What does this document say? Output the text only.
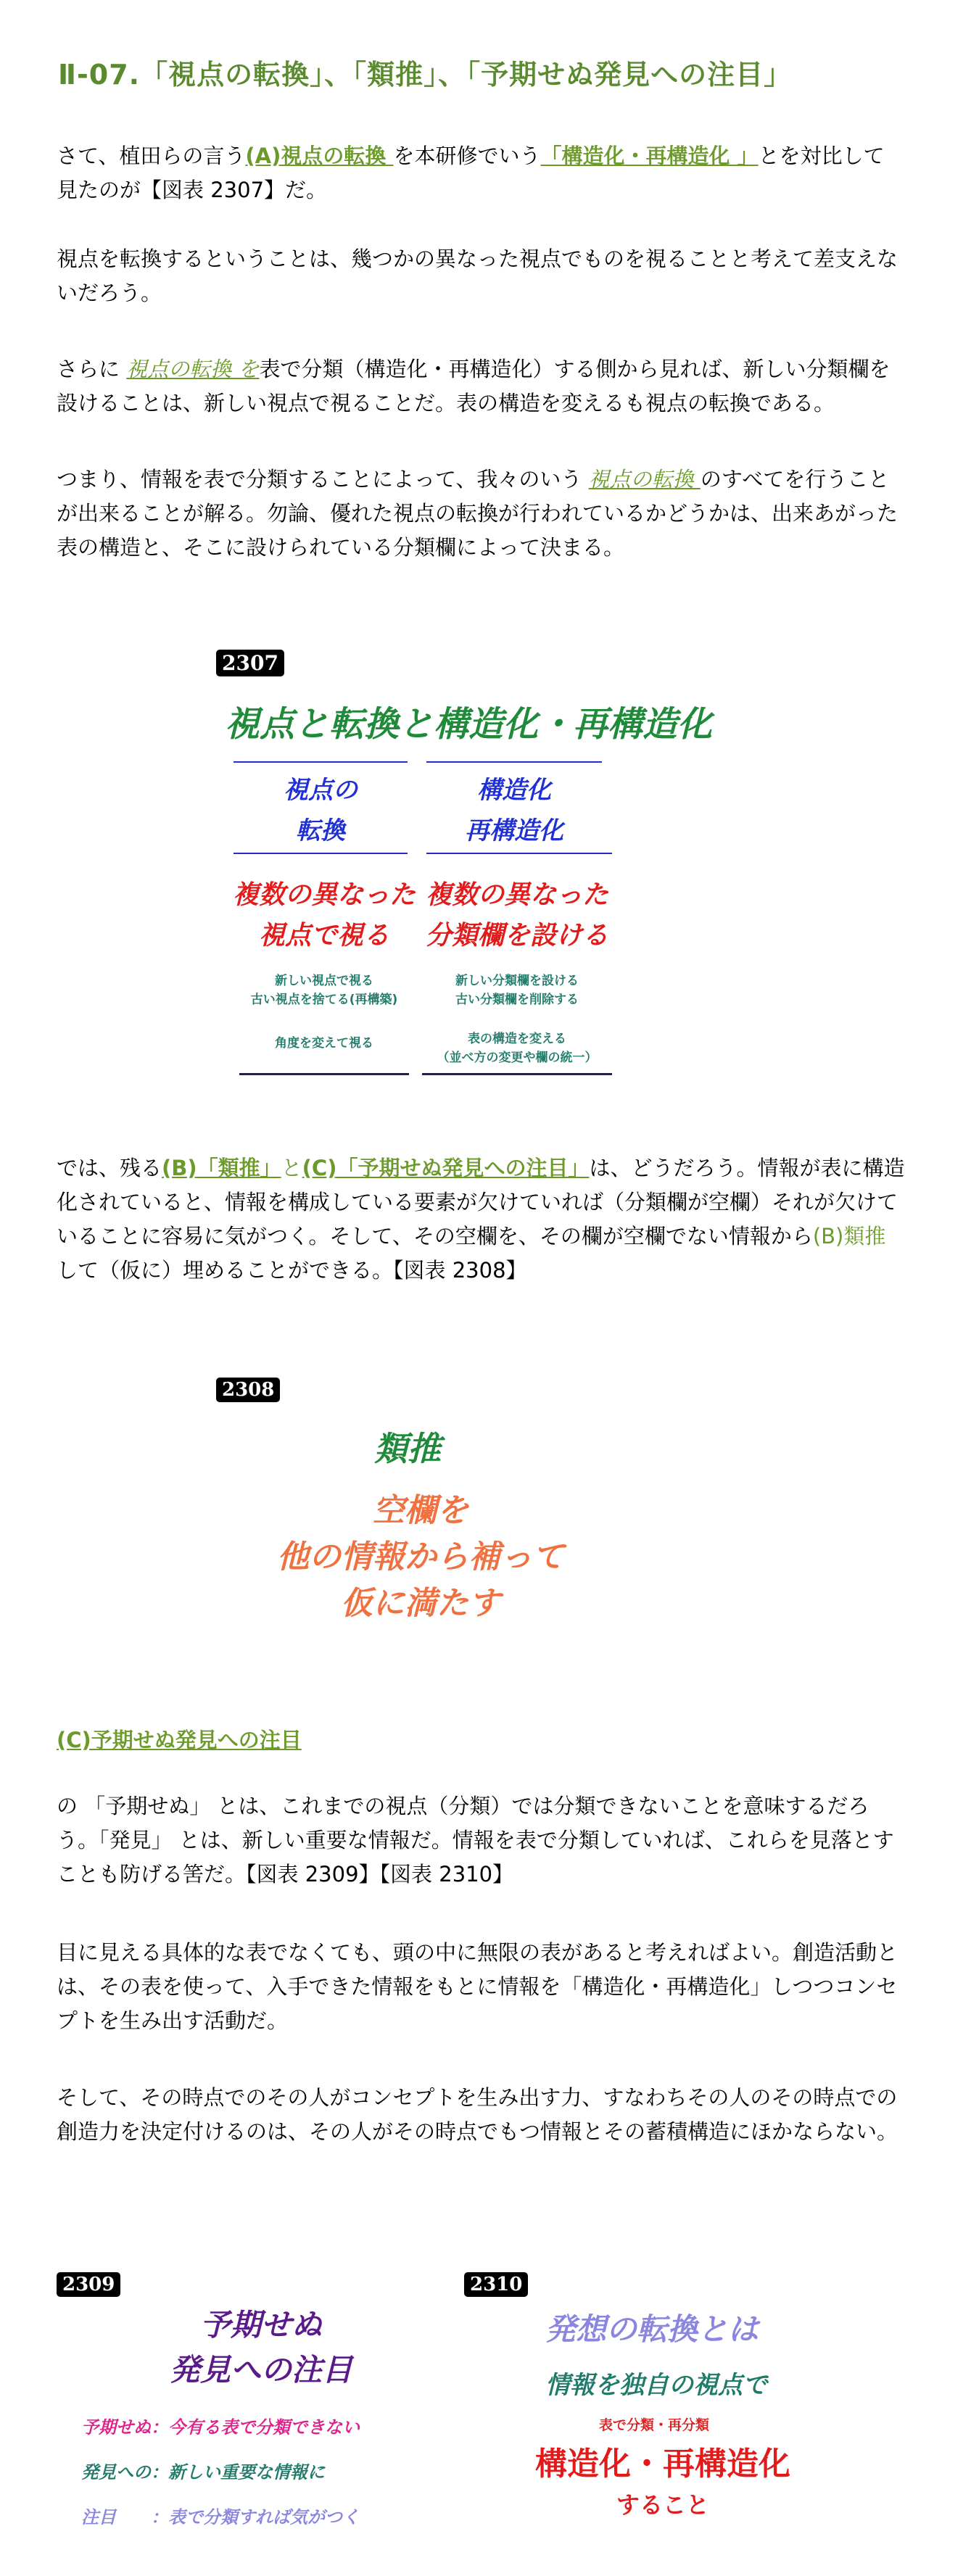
Ⅱ-07.「視点の転換」、「類推」、「予期せぬ発見への注目」
さて、植田らの言う(A)視点の転換 を本研修でいう「構造化・再構造化 」とを対比して見たのが【図表 2307】だ。
視点を転換するということは、幾つかの異なった視点でものを視ることと考えて差支えないだろう。
さらに 視点の転換 を表で分類（構造化・再構造化）する側から見れば、新しい分類欄を設けることは、新しい視点で視ることだ。表の構造を変えるも視点の転換である。
つまり、情報を表で分類することによって、我々のいう 視点の転換 のすべてを行うことが出来ることが解る。勿論、優れた視点の転換が行われているかどうかは、出来あがった表の構造と、そこに設けられている分類欄によって決まる。
2307
視点と転換と構造化・再構造化
視点の
転換
構造化
再構造化
複数の異なった
視点で視る
複数の異なった
分類欄を設ける
新しい視点で視る
古い視点を捨てる(再構築)
角度を変えて視る
新しい分類欄を設ける
古い分類欄を削除する
表の構造を変える
（並べ方の変更や欄の統一）
では、残る(B)「類推」と(C)「予期せぬ発見への注目」は、どうだろう。情報が表に構造化されていると、情報を構成している要素が欠けていれば（分類欄が空欄）それが欠けていることに容易に気がつく。そして、その空欄を、その欄が空欄でない情報から(B)類推 して（仮に）埋めることができる。【図表 2308】
2308
類推
空欄を
他の情報から補って
仮に満たす
(C)予期せぬ発見への注目
の 「予期せぬ」 とは、これまでの視点（分類）では分類できないことを意味するだろう。「発見」 とは、新しい重要な情報だ。情報を表で分類していれば、これらを見落とすことも防げる筈だ。【図表 2309】【図表 2310】
目に見える具体的な表でなくても、頭の中に無限の表があると考えればよい。創造活動とは、その表を使って、入手できた情報をもとに情報を「構造化・再構造化」しつつコンセプトを生み出す活動だ。
そして、その時点でのその人がコンセプトを生み出す力、すなわちその人のその時点での創造力を決定付けるのは、その人がその時点でもつ情報とその蓄積構造にほかならない。
2309
予期せぬ
発見への注目
予期せぬ：今有る表で分類できない
発見への：新しい重要な情報に
注目　　：表で分類すれば気がつく
2310
発想の転換とは
情報を独自の視点で
表で分類・再分類
構造化・再構造化
すること
